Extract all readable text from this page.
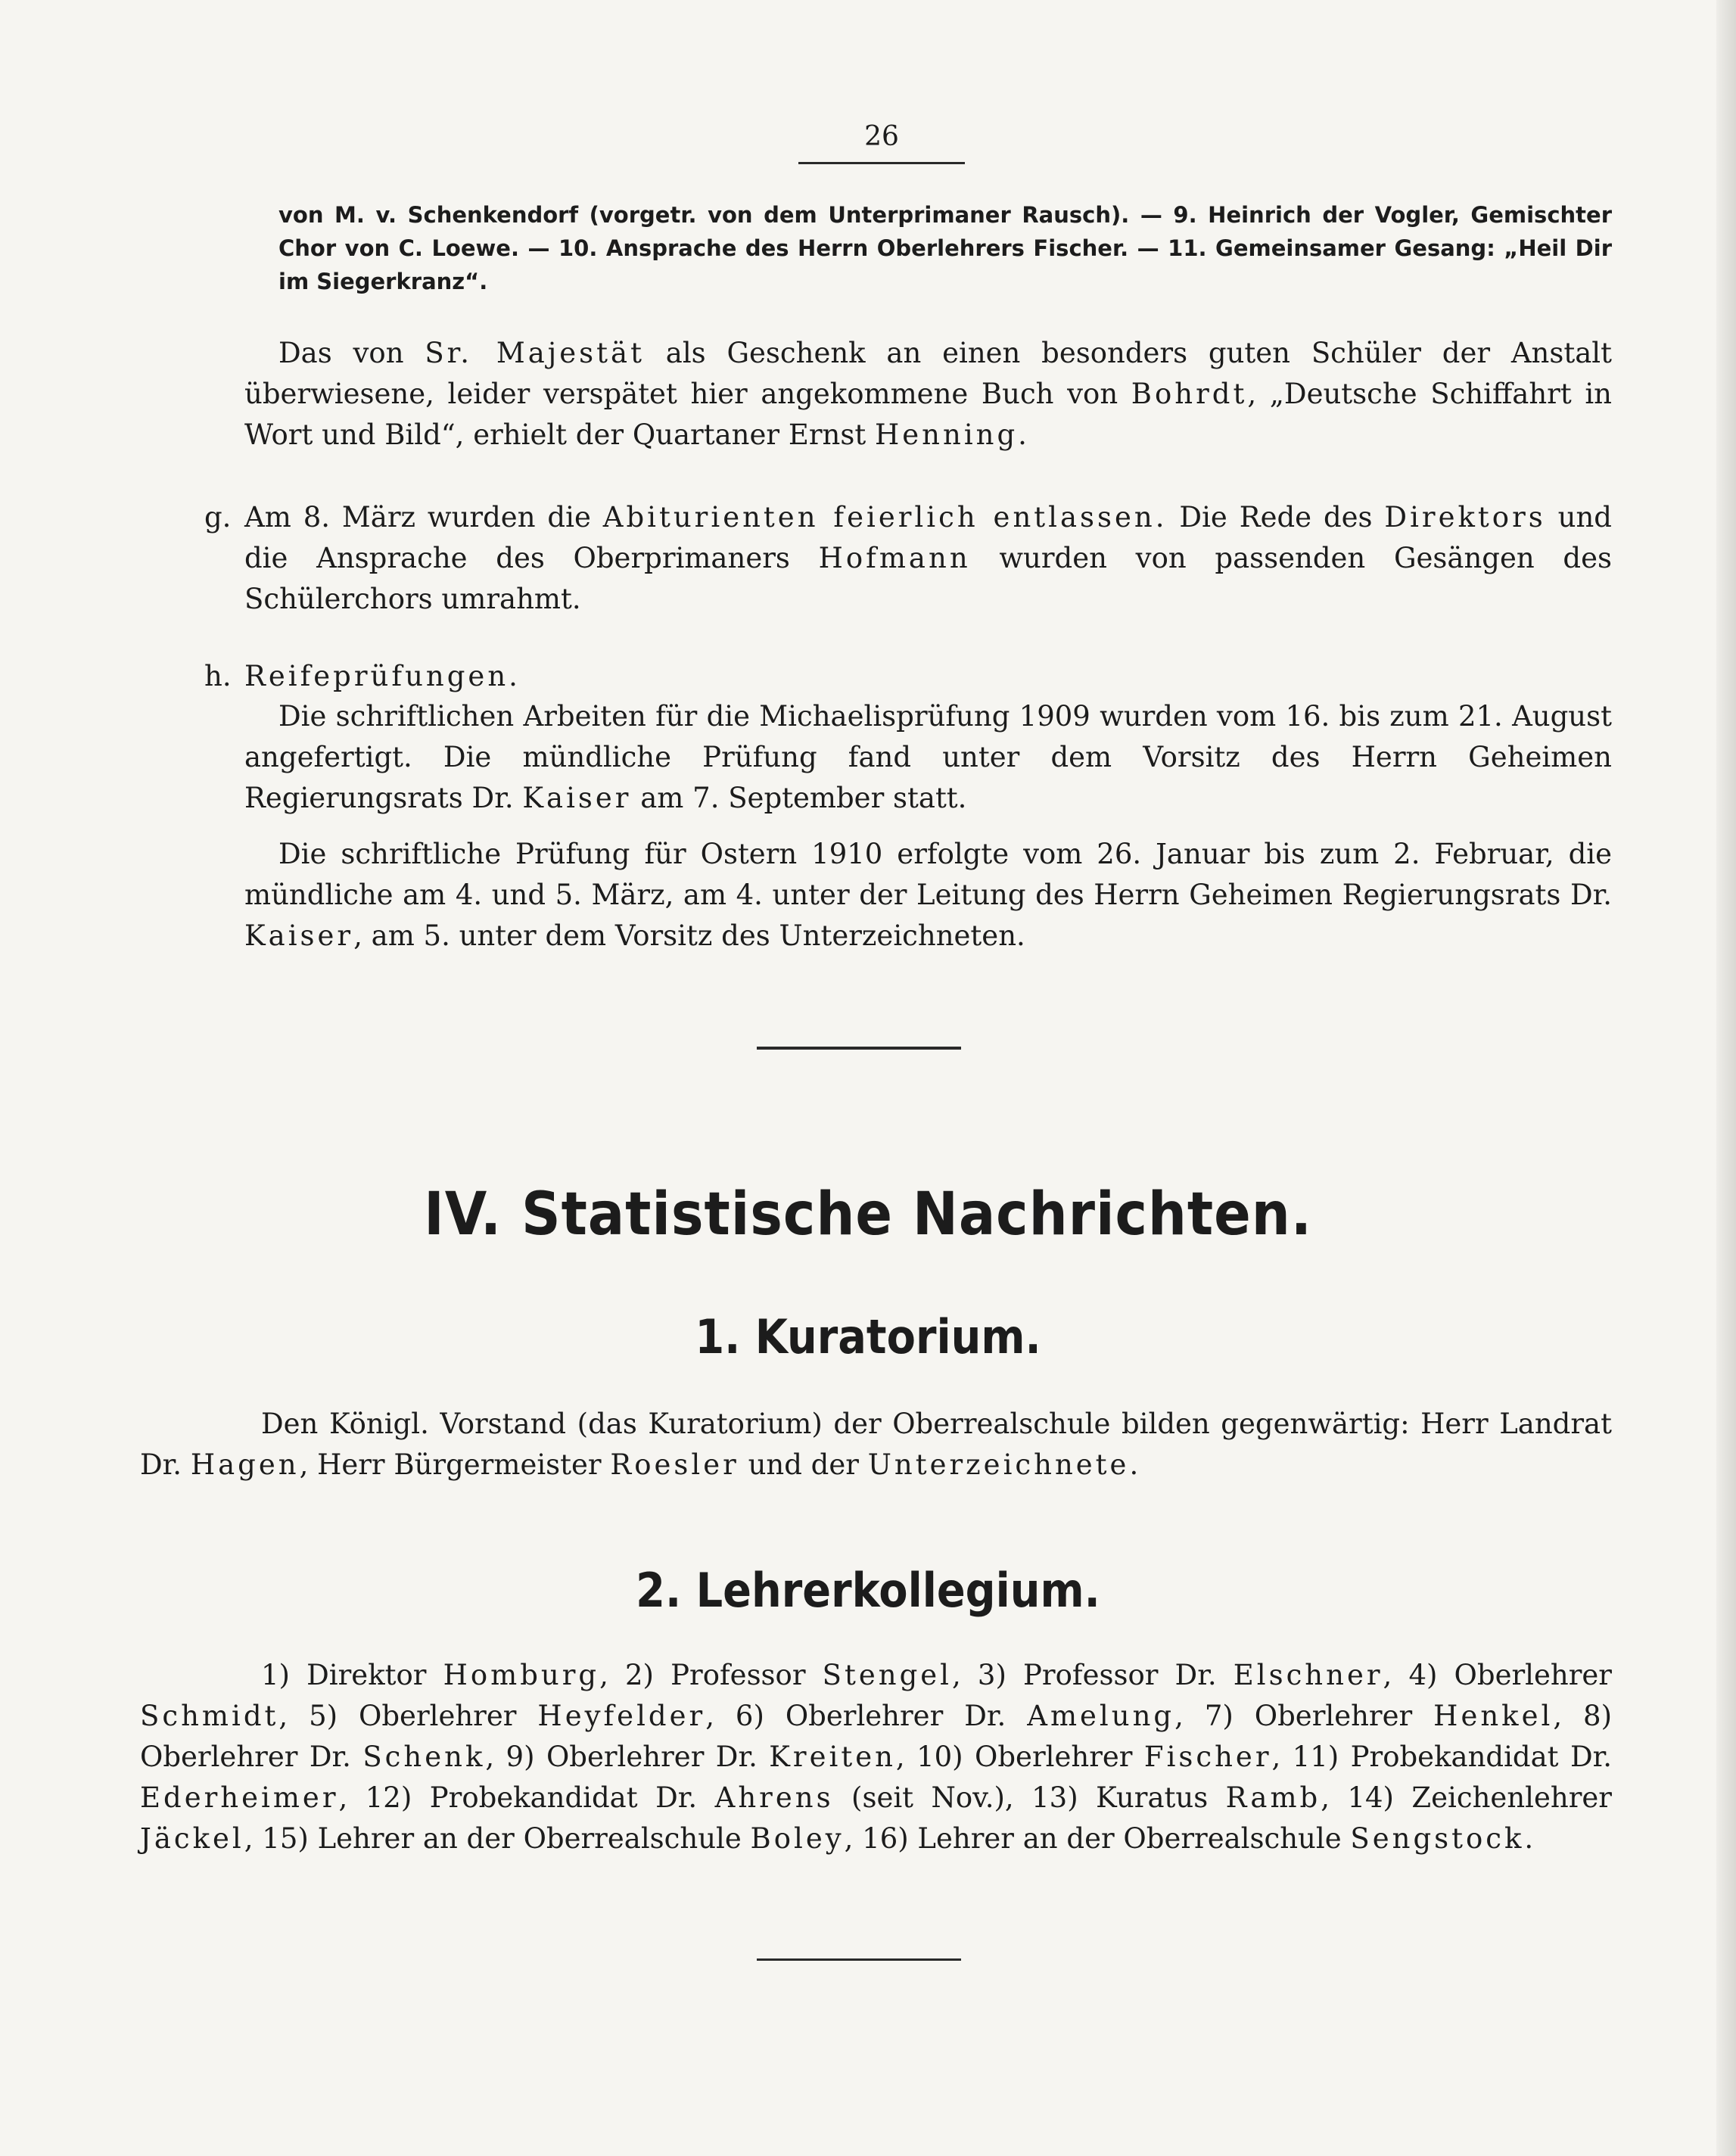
26
von M. v. Schenkendorf (vorgetr. von dem Unterprimaner Rausch). — 9. Heinrich der Vogler, Gemischter Chor von C. Loewe. — 10. Ansprache des Herrn Oberlehrers Fischer. — 11. Gemeinsamer Gesang: „Heil Dir im Siegerkranz“.
Das von Sr. Majestät als Geschenk an einen besonders guten Schüler der Anstalt überwiesene, leider verspätet hier angekommene Buch von Bohrdt, „Deutsche Schiffahrt in Wort und Bild“, erhielt der Quartaner Ernst Henning.
g. Am 8. März wurden die Abiturienten feierlich entlassen. Die Rede des Direktors und die Ansprache des Oberprimaners Hofmann wurden von passenden Gesängen des Schülerchors umrahmt.
h. Reifeprüfungen.
Die schriftlichen Arbeiten für die Michaelisprüfung 1909 wurden vom 16. bis zum 21. August angefertigt. Die mündliche Prüfung fand unter dem Vorsitz des Herrn Geheimen Regierungsrats Dr. Kaiser am 7. September statt.
Die schriftliche Prüfung für Ostern 1910 erfolgte vom 26. Januar bis zum 2. Februar, die mündliche am 4. und 5. März, am 4. unter der Leitung des Herrn Geheimen Regierungsrats Dr. Kaiser, am 5. unter dem Vorsitz des Unterzeichneten.
IV. Statistische Nachrichten.
1. Kuratorium.
Den Königl. Vorstand (das Kuratorium) der Oberrealschule bilden gegenwärtig: Herr Landrat Dr. Hagen, Herr Bürgermeister Roesler und der Unterzeichnete.
2. Lehrerkollegium.
1) Direktor Homburg, 2) Professor Stengel, 3) Professor Dr. Elschner, 4) Oberlehrer Schmidt, 5) Oberlehrer Heyfelder, 6) Oberlehrer Dr. Amelung, 7) Oberlehrer Henkel, 8) Oberlehrer Dr. Schenk, 9) Oberlehrer Dr. Kreiten, 10) Oberlehrer Fischer, 11) Probekandidat Dr. Ederheimer, 12) Probekandidat Dr. Ahrens (seit Nov.), 13) Kuratus Ramb, 14) Zeichenlehrer Jäckel, 15) Lehrer an der Oberrealschule Boley, 16) Lehrer an der Oberrealschule Sengstock.
